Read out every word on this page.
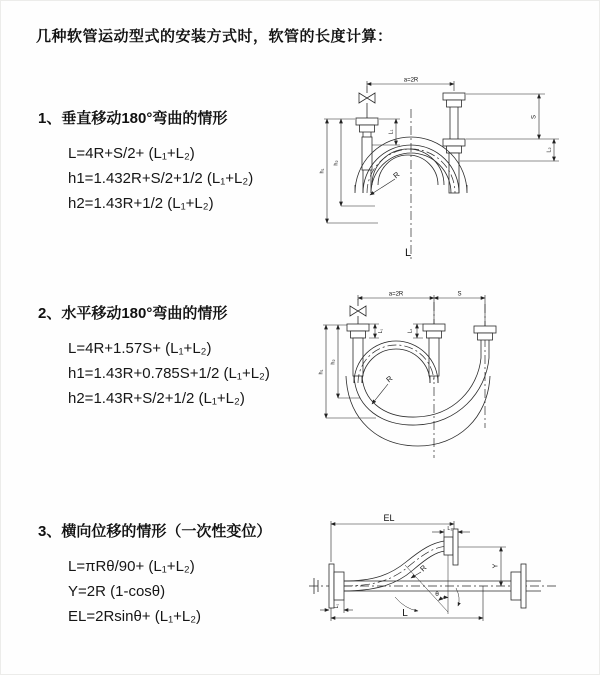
几种软管运动型式的安装方式时，软管的长度计算：
1、垂直移动180°弯曲的情形
L=4R+S/2+ (L₁+L₂)
h1=1.432R+S/2+1/2 (L₁+L₂)
h2=1.43R+1/2 (L₁+L₂)
a=2R
S
L₂
L₁
h₂
h₁	R
L
2、水平移动180°弯曲的情形
L=4R+1.57S+ (L₁+L₂)
h1=1.43R+0.785S+1/2 (L₁+L₂)
h2=1.43R+S/2+1/2 (L₁+L₂)
a=2R	S
L₁	L₂
h₂
h₁
R
3、横向位移的情形（一次性变位）
L=πRθ/90+ (L₁+L₂)
Y=2R (1-cosθ)
EL=2Rsinθ+ (L₁+L₂)
EL
L₂
Y
θ
R
L
L₁
